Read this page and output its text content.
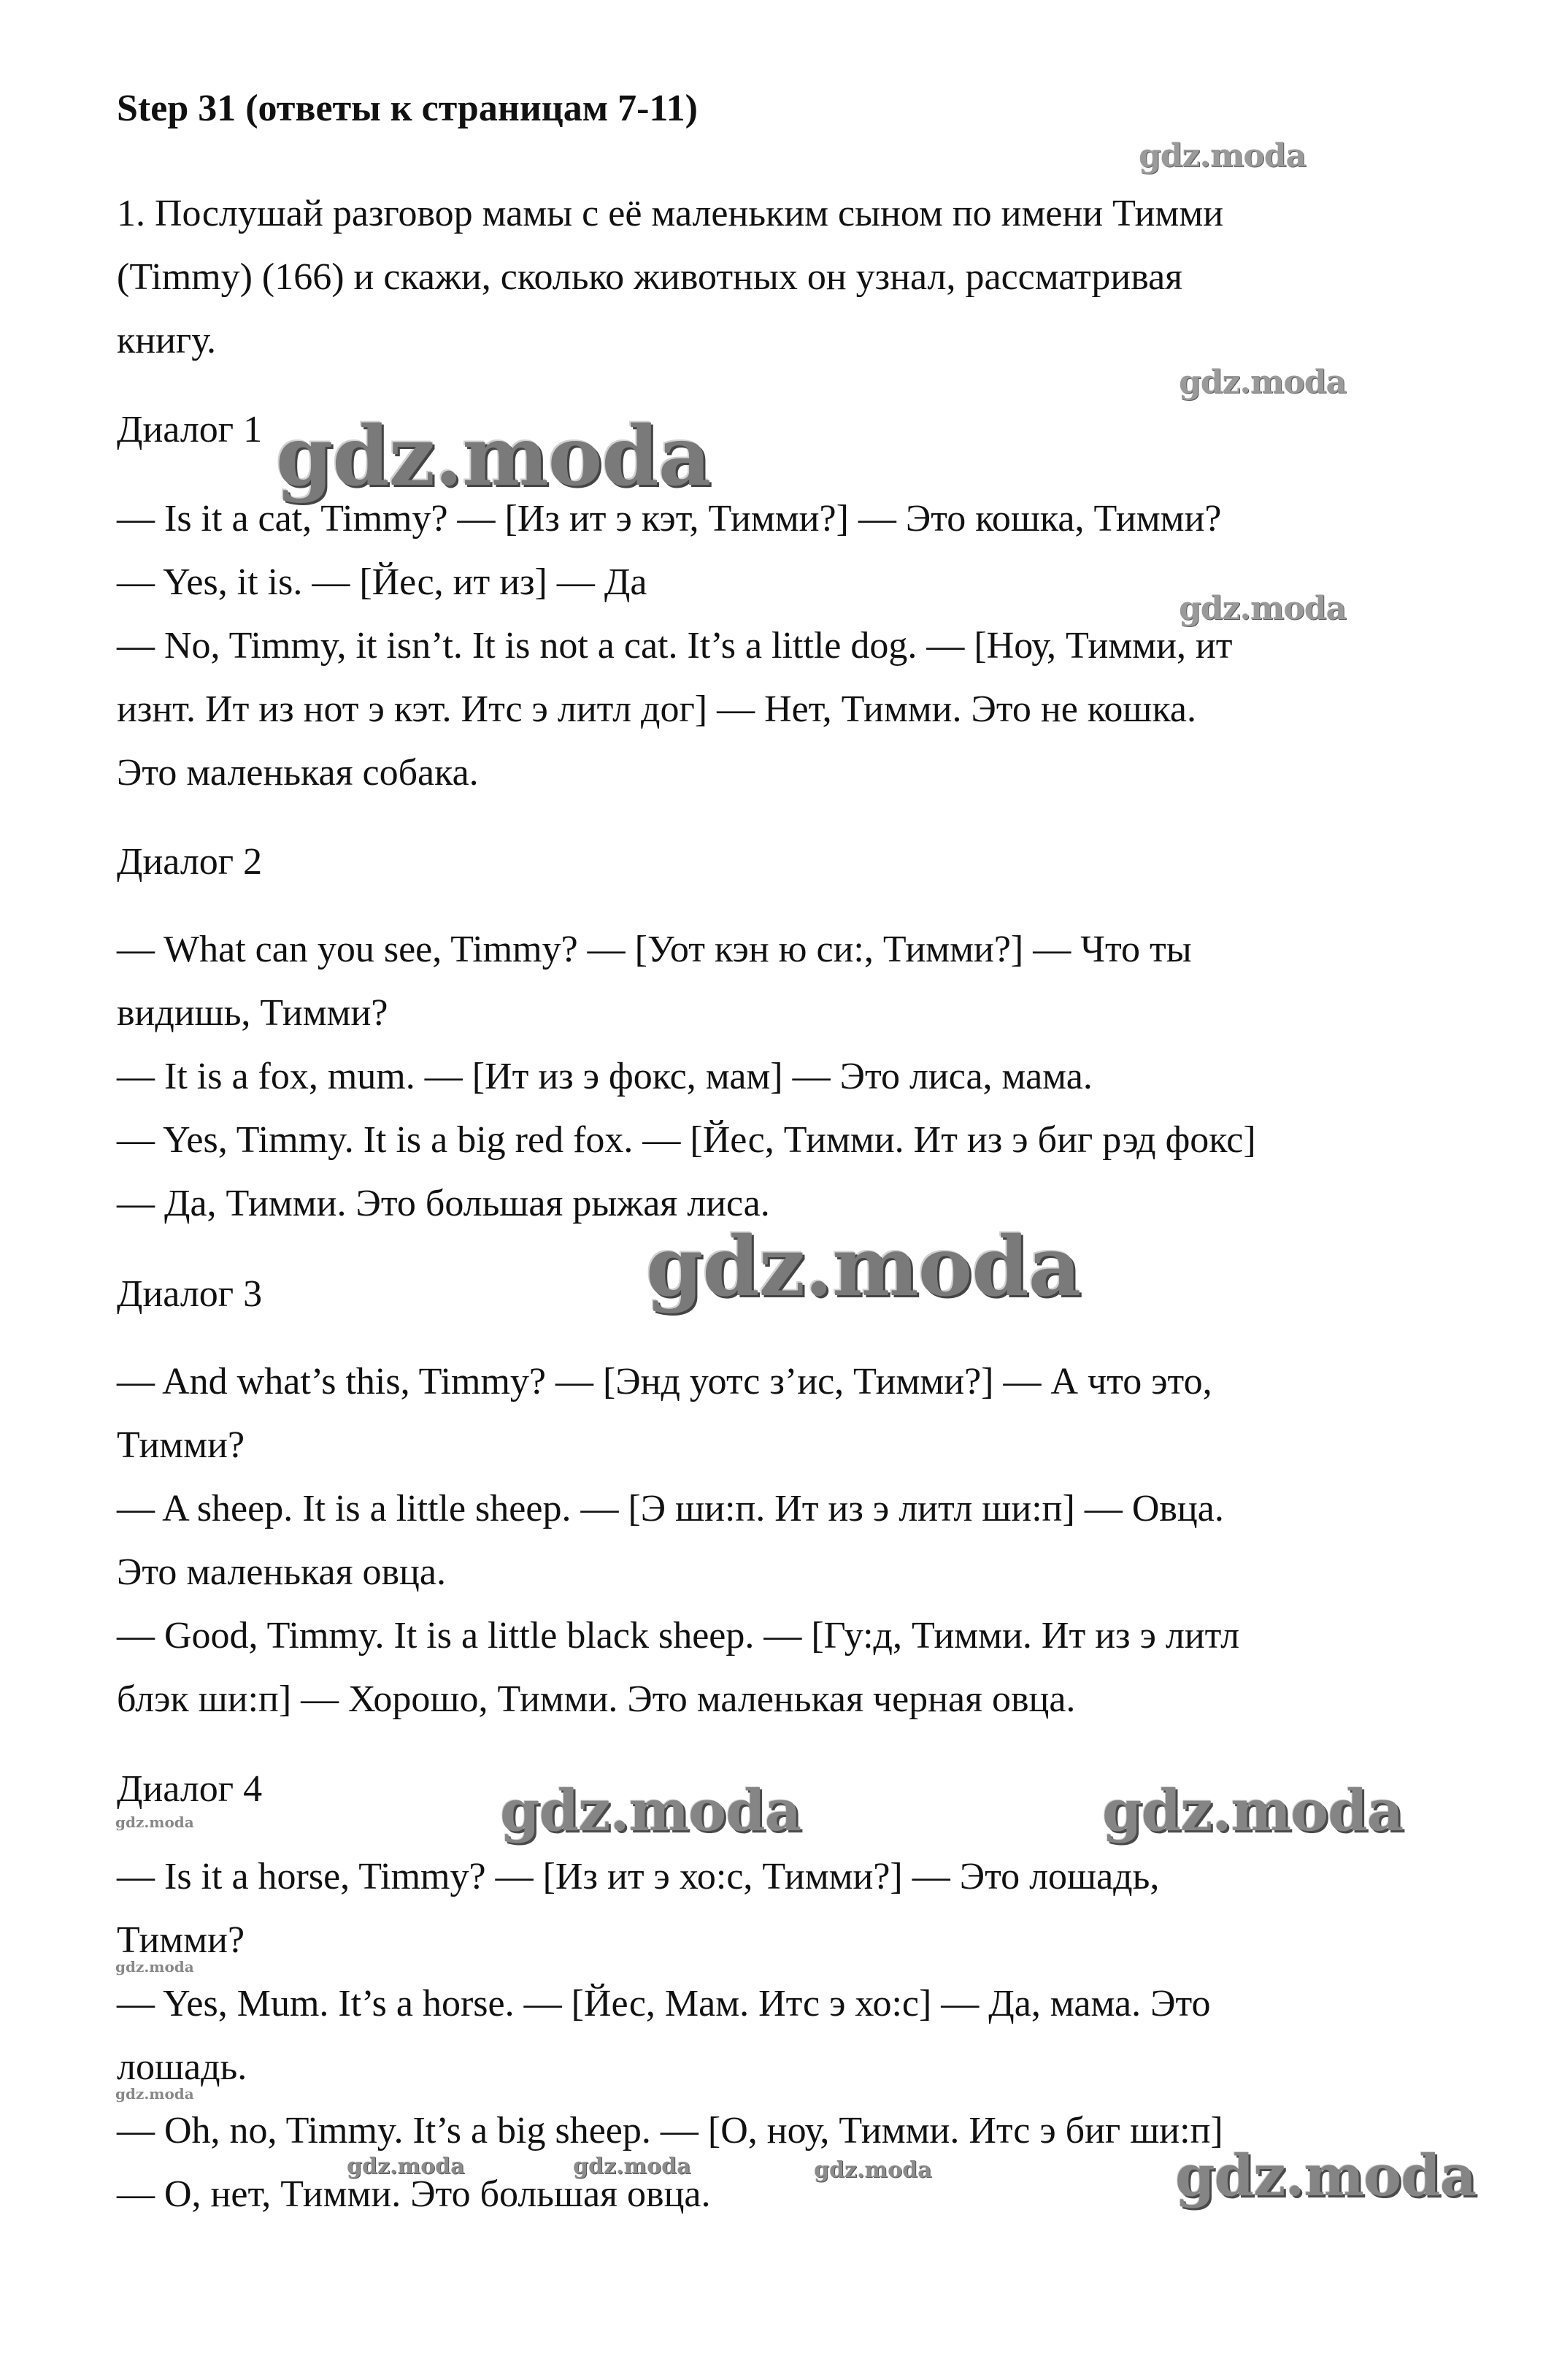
Step 31 (ответы к страницам 7-11)
1. Послушай разговор мамы с её маленьким сыном по имени Тимми
(Timmy) (166) и скажи, сколько животных он узнал, рассматривая
книгу.
Диалог 1
— Is it a cat, Timmy? — [Из ит э кэт, Тимми?] — Это кошка, Тимми?
— Yes, it is. — [Йес, ит из] — Да
— No, Timmy, it isn’t. It is not a cat. It’s a little dog. — [Ноу, Тимми, ит
изнт. Ит из нот э кэт. Итс э литл дог] — Нет, Тимми. Это не кошка.
Это маленькая собака.
Диалог 2
— What can you see, Timmy? — [Уот кэн ю си:, Тимми?] — Что ты
видишь, Тимми?
— It is a fox, mum. — [Ит из э фокс, мам] — Это лиса, мама.
— Yes, Timmy. It is a big red fox. — [Йес, Тимми. Ит из э биг рэд фокс]
— Да, Тимми. Это большая рыжая лиса.
Диалог 3
— And what’s this, Timmy? — [Энд уотс з’ис, Тимми?] — А что это,
Тимми?
— A sheep. It is a little sheep. — [Э ши:п. Ит из э литл ши:п] — Овца.
Это маленькая овца.
— Good, Timmy. It is a little black sheep. — [Гу:д, Тимми. Ит из э литл
блэк ши:п] — Хорошо, Тимми. Это маленькая черная овца.
Диалог 4
— Is it a horse, Timmy? — [Из ит э хо:с, Тимми?] — Это лошадь,
Тимми?
— Yes, Mum. It’s a horse. — [Йес, Мам. Итс э хо:с] — Да, мама. Это
лошадь.
— Oh, no, Timmy. It’s a big sheep. — [О, ноу, Тимми. Итс э биг ши:п]
— О, нет, Тимми. Это большая овца.
gdz.moda
gdz.moda
gdz.moda
gdz.moda
gdz.moda
gdz.moda	gdz.moda
gdz.moda
gdz.moda
gdz.moda
gdz.moda	gdz.moda	gdz.moda	gdz.moda
